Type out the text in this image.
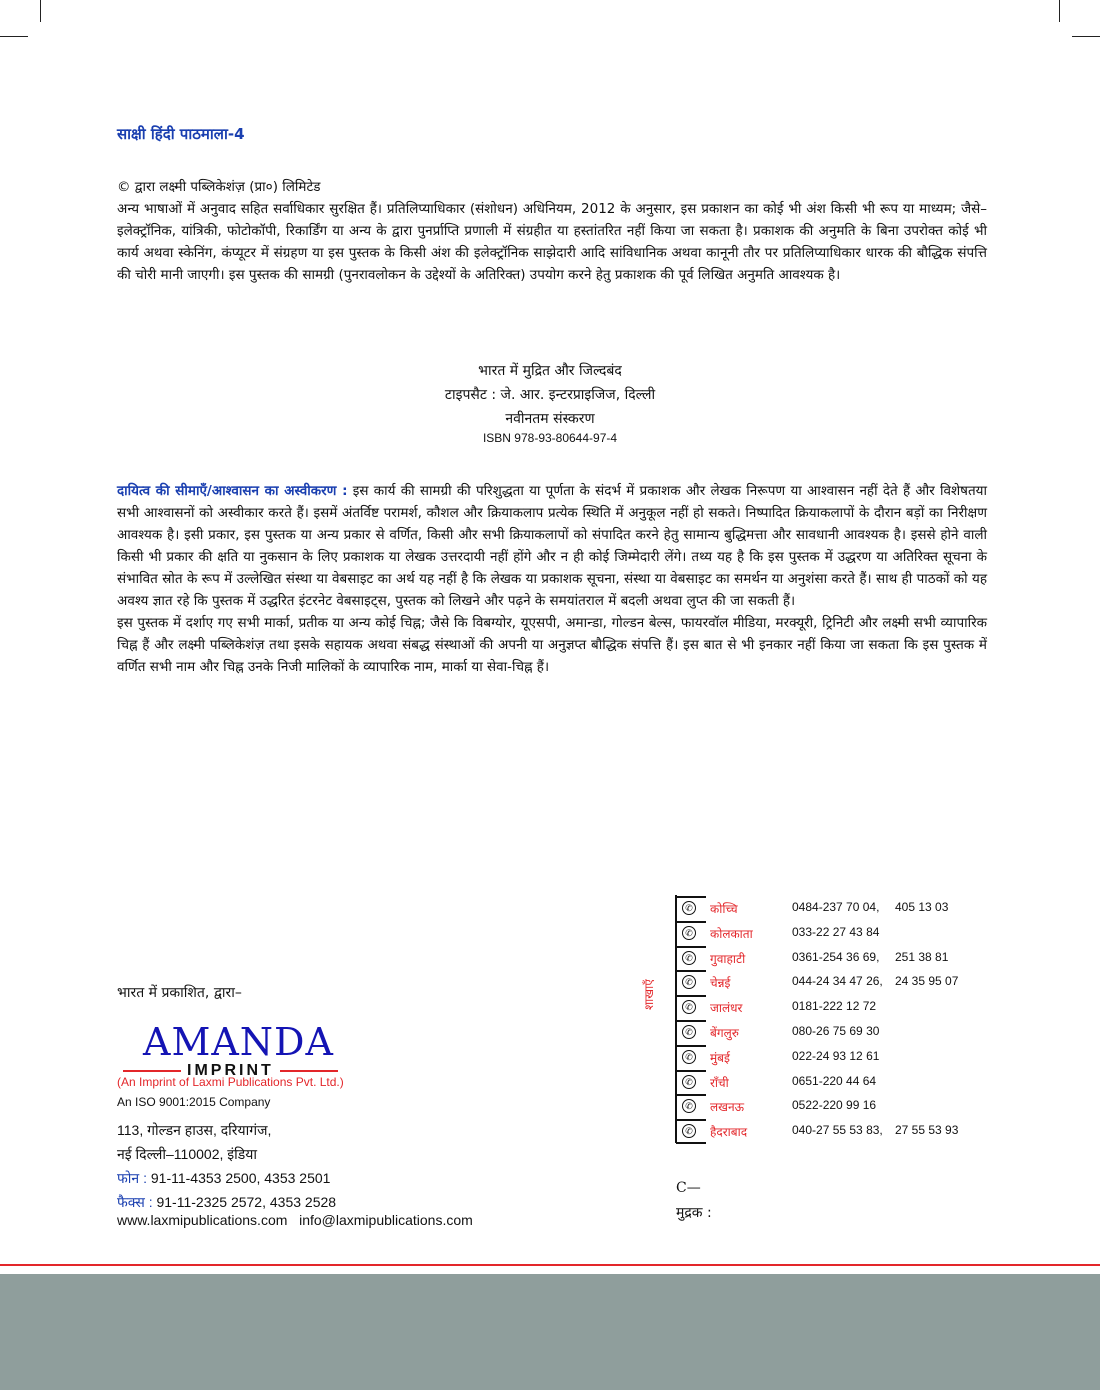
साक्षी हिंदी पाठमाला-4
© द्वारा लक्ष्मी पब्लिकेशंज़ (प्रा०) लिमिटेड
अन्य भाषाओं में अनुवाद सहित सर्वाधिकार सुरक्षित हैं। प्रतिलिप्याधिकार (संशोधन) अधिनियम, 2012 के अनुसार, इस प्रकाशन का कोई भी अंश किसी भी रूप या माध्यम; जैसे–इलेक्ट्रॉनिक, यांत्रिकी, फोटोकॉपी, रिकार्डिंग या अन्य के द्वारा पुनर्प्राप्ति प्रणाली में संग्रहीत या हस्तांतरित नहीं किया जा सकता है। प्रकाशक की अनुमति के बिना उपरोक्त कोई भी कार्य अथवा स्केनिंग, कंप्यूटर में संग्रहण या इस पुस्तक के किसी अंश की इलेक्ट्रॉनिक साझेदारी आदि सांविधानिक अथवा कानूनी तौर पर प्रतिलिप्याधिकार धारक की बौद्धिक संपत्ति की चोरी मानी जाएगी। इस पुस्तक की सामग्री (पुनरावलोकन के उद्देश्यों के अतिरिक्त) उपयोग करने हेतु प्रकाशक की पूर्व लिखित अनुमति आवश्यक है।
भारत में मुद्रित और जिल्दबंद
टाइपसैट : जे. आर. इन्टरप्राइजिज, दिल्ली
नवीनतम संस्करण
ISBN 978-93-80644-97-4

दायित्व की सीमाएँ/आश्वासन का अस्वीकरण : इस कार्य की सामग्री की परिशुद्धता या पूर्णता के संदर्भ में प्रकाशक और लेखक निरूपण या आश्वासन नहीं देते हैं और विशेषतया सभी आश्वासनों को अस्वीकार करते हैं। इसमें अंतर्विष्ट परामर्श, कौशल और क्रियाकलाप प्रत्येक स्थिति में अनुकूल नहीं हो सकते। निष्पादित क्रियाकलापों के दौरान बड़ों का निरीक्षण आवश्यक है। इसी प्रकार, इस पुस्तक या अन्य प्रकार से वर्णित, किसी और सभी क्रियाकलापों को संपादित करने हेतु सामान्य बुद्धिमत्ता और सावधानी आवश्यक है। इससे होने वाली किसी भी प्रकार की क्षति या नुकसान के लिए प्रकाशक या लेखक उत्तरदायी नहीं होंगे और न ही कोई जिम्मेदारी लेंगे। तथ्य यह है कि इस पुस्तक में उद्धरण या अतिरिक्त सूचना के संभावित स्रोत के रूप में उल्लेखित संस्था या वेबसाइट का अर्थ यह नहीं है कि लेखक या प्रकाशक सूचना, संस्था या वेबसाइट का समर्थन या अनुशंसा करते हैं। साथ ही पाठकों को यह अवश्य ज्ञात रहे कि पुस्तक में उद्धरित इंटरनेट वेबसाइट्स, पुस्तक को लिखने और पढ़ने के समयांतराल में बदली अथवा लुप्त की जा सकती हैं।

इस पुस्तक में दर्शाए गए सभी मार्का, प्रतीक या अन्य कोई चिह्न; जैसे कि विबग्योर, यूएसपी, अमान्डा, गोल्डन बेल्स, फायरवॉल मीडिया, मरक्यूरी, ट्रिनिटी और लक्ष्मी सभी व्यापारिक चिह्न हैं और लक्ष्मी पब्लिकेशंज़ तथा इसके सहायक अथवा संबद्ध संस्थाओं की अपनी या अनुज्ञप्त बौद्धिक संपत्ति हैं। इस बात से भी इनकार नहीं किया जा सकता कि इस पुस्तक में वर्णित सभी नाम और चिह्न उनके निजी मालिकों के व्यापारिक नाम, मार्का या सेवा-चिह्न हैं।

भारत में प्रकाशित, द्वारा–
AMANDA
IMPRINT
(An Imprint of Laxmi Publications Pvt. Ltd.)
An ISO 9001:2015 Company
113, गोल्डन हाउस, दरियागंज,
नई दिल्ली–110002, इंडिया
फोन : 91-11-4353 2500, 4353 2501
फैक्स : 91-11-2325 2572, 4353 2528
www.laxmipublications.com info@laxmipublications.com
शाखाएँ
✆ कोच्चि	0484-237 70 04, 405 13 03
✆ कोलकाता	033-22 27 43 84
✆ गुवाहाटी	0361-254 36 69, 251 38 81
✆ चेन्नई	044-24 34 47 26, 24 35 95 07
✆ जालंधर	0181-222 12 72
✆ बेंगलुरु	080-26 75 69 30
✆ मुंबई	022-24 93 12 61
✆ राँची	0651-220 44 64
✆ लखनऊ	0522-220 99 16
✆ हैदराबाद	040-27 55 53 83, 27 55 53 93
C—
मुद्रक :
